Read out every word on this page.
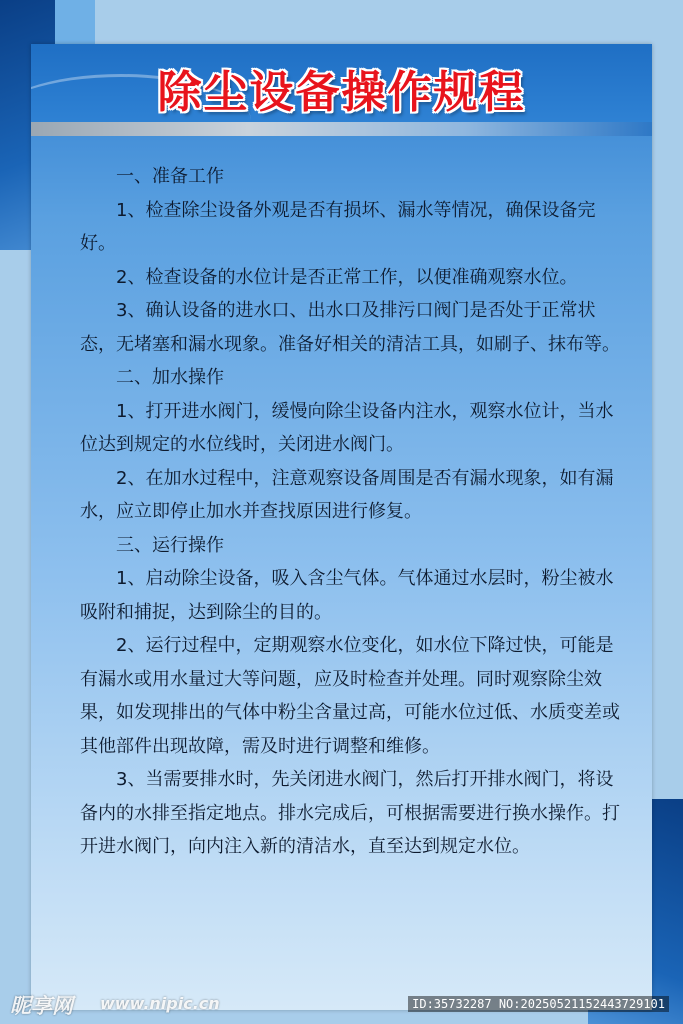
除尘设备操作规程

一、准备工作

1、检查除尘设备外观是否有损坏、漏水等情况，确保设备完好。

2、检查设备的水位计是否正常工作，以便准确观察水位。

3、确认设备的进水口、出水口及排污口阀门是否处于正常状态，无堵塞和漏水现象。准备好相关的清洁工具，如刷子、抹布等。

二、加水操作

1、打开进水阀门，缓慢向除尘设备内注水，观察水位计，当水位达到规定的水位线时，关闭进水阀门。

2、在加水过程中，注意观察设备周围是否有漏水现象，如有漏水，应立即停止加水并查找原因进行修复。

三、运行操作

1、启动除尘设备，吸入含尘气体。气体通过水层时，粉尘被水吸附和捕捉，达到除尘的目的。

2、运行过程中，定期观察水位变化，如水位下降过快，可能是有漏水或用水量过大等问题，应及时检查并处理。同时观察除尘效果，如发现排出的气体中粉尘含量过高，可能水位过低、水质变差或其他部件出现故障，需及时进行调整和维修。

3、当需要排水时，先关闭进水阀门，然后打开排水阀门，将设备内的水排至指定地点。排水完成后，可根据需要进行换水操作。打开进水阀门，向内注入新的清洁水，直至达到规定水位。

昵享网 www.nipic.cn	ID:35732287 NO:20250521152443729101
